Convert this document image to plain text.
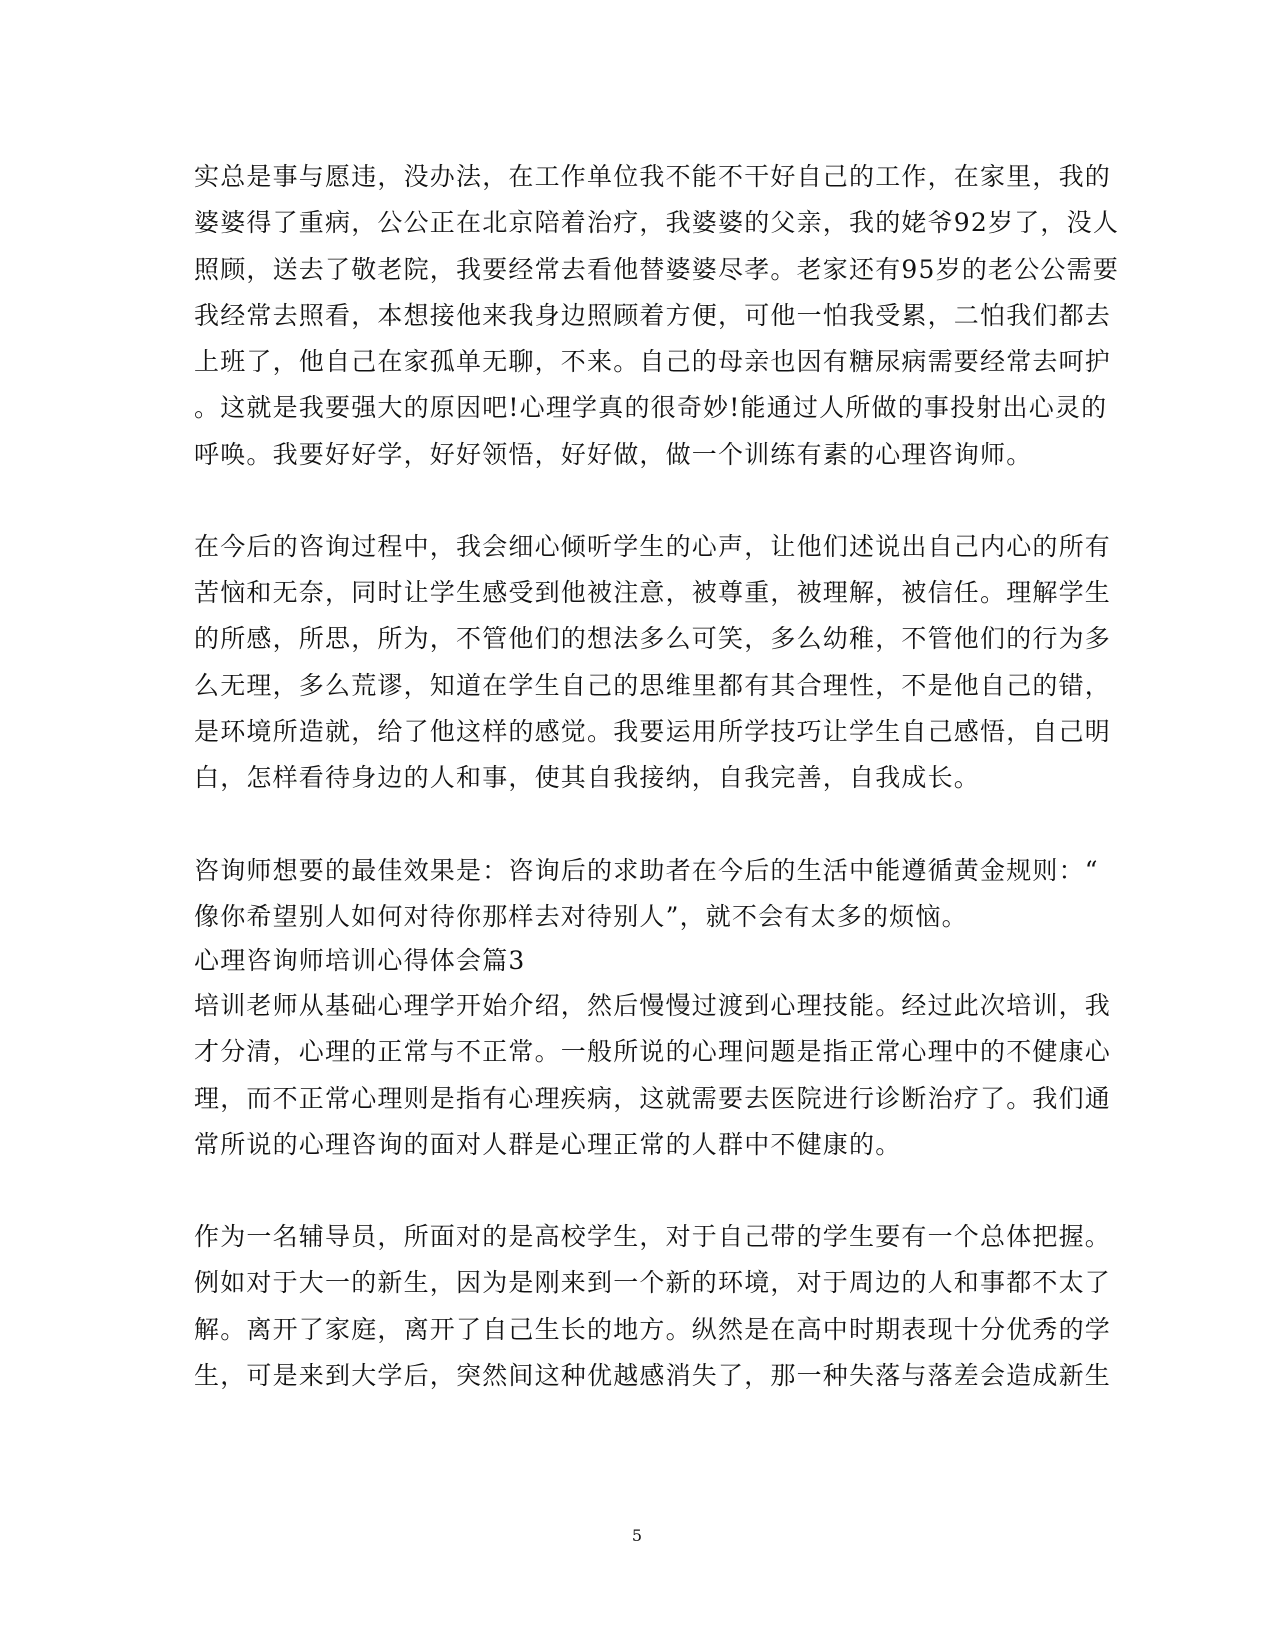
实总是事与愿违，没办法，在工作单位我不能不干好自己的工作，在家里，我的
婆婆得了重病，公公正在北京陪着治疗，我婆婆的父亲，我的姥爷92岁了，没人
照顾，送去了敬老院，我要经常去看他替婆婆尽孝。老家还有95岁的老公公需要
我经常去照看，本想接他来我身边照顾着方便，可他一怕我受累，二怕我们都去
上班了，他自己在家孤单无聊，不来。自己的母亲也因有糖尿病需要经常去呵护
。这就是我要强大的原因吧!心理学真的很奇妙!能通过人所做的事投射出心灵的
呼唤。我要好好学，好好领悟，好好做，做一个训练有素的心理咨询师。
在今后的咨询过程中，我会细心倾听学生的心声，让他们述说出自己内心的所有
苦恼和无奈，同时让学生感受到他被注意，被尊重，被理解，被信任。理解学生
的所感，所思，所为，不管他们的想法多么可笑，多么幼稚，不管他们的行为多
么无理，多么荒谬，知道在学生自己的思维里都有其合理性，不是他自己的错，
是环境所造就，给了他这样的感觉。我要运用所学技巧让学生自己感悟，自己明
白，怎样看待身边的人和事，使其自我接纳，自我完善，自我成长。
咨询师想要的最佳效果是：咨询后的求助者在今后的生活中能遵循黄金规则：“
像你希望别人如何对待你那样去对待别人”，就不会有太多的烦恼。
心理咨询师培训心得体会篇3
培训老师从基础心理学开始介绍，然后慢慢过渡到心理技能。经过此次培训，我
才分清，心理的正常与不正常。一般所说的心理问题是指正常心理中的不健康心
理，而不正常心理则是指有心理疾病，这就需要去医院进行诊断治疗了。我们通
常所说的心理咨询的面对人群是心理正常的人群中不健康的。
作为一名辅导员，所面对的是高校学生，对于自己带的学生要有一个总体把握。
例如对于大一的新生，因为是刚来到一个新的环境，对于周边的人和事都不太了
解。离开了家庭，离开了自己生长的地方。纵然是在高中时期表现十分优秀的学
生，可是来到大学后，突然间这种优越感消失了，那一种失落与落差会造成新生
5
